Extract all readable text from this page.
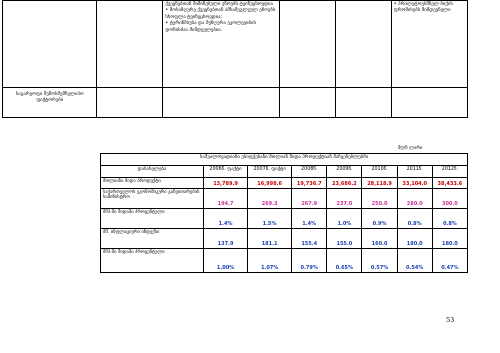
		ქვეყნებთან შიშინებული ეზოებს ტვინუცხოვდია
• მოსაზღურე ქვეყნებთან ამსამეგლეულ ეზოებს სხოფლა ტვინუცხოვდია;
• ტურიზმიუსა და მეზღურა ეკოლევიბის დონისძაა მიმდევლებია.			• პრილეტოუსშნელ ბიქის ფრომისებს მიმდევნელი

საგარეოფი შემოსშემნელიპო ფიქტორები					
მლნ ლარი
საშუალოვადიანი ესიფქებანი მთლიან შიდა პროდუქტიან მაჩვენებლებში							
დასახელება	2006წ. ფაქტი	2007წ. ფაქტი	2008წ.	2009წ.	2010წ.	2011წ.	2012წ.
მთლიანი შიდა პროდუქტი	13,789.9	16,998.6	19,736.7	23,686.2	28,118.9	33,104.0	38,433.6
საქართველოს ეკონომიკური განვითარების სამინისტრო	194.7	269.3	267.9	237.0	250.0	280.0	300.0
მშპ-ში შიდაში პროცენტული	1.4%	1.5%	1.4%	1.0%	0.9%	0.8%	0.8%
მშ. ინფლაციური ინდექსი	137.9	181.1	155.4	155.0	160.0	180.0	180.0
მშპ-ში შიდაში პროცენტული	1.00%	1.07%	0.79%	0.65%	0.57%	0.54%	0.47%
53
